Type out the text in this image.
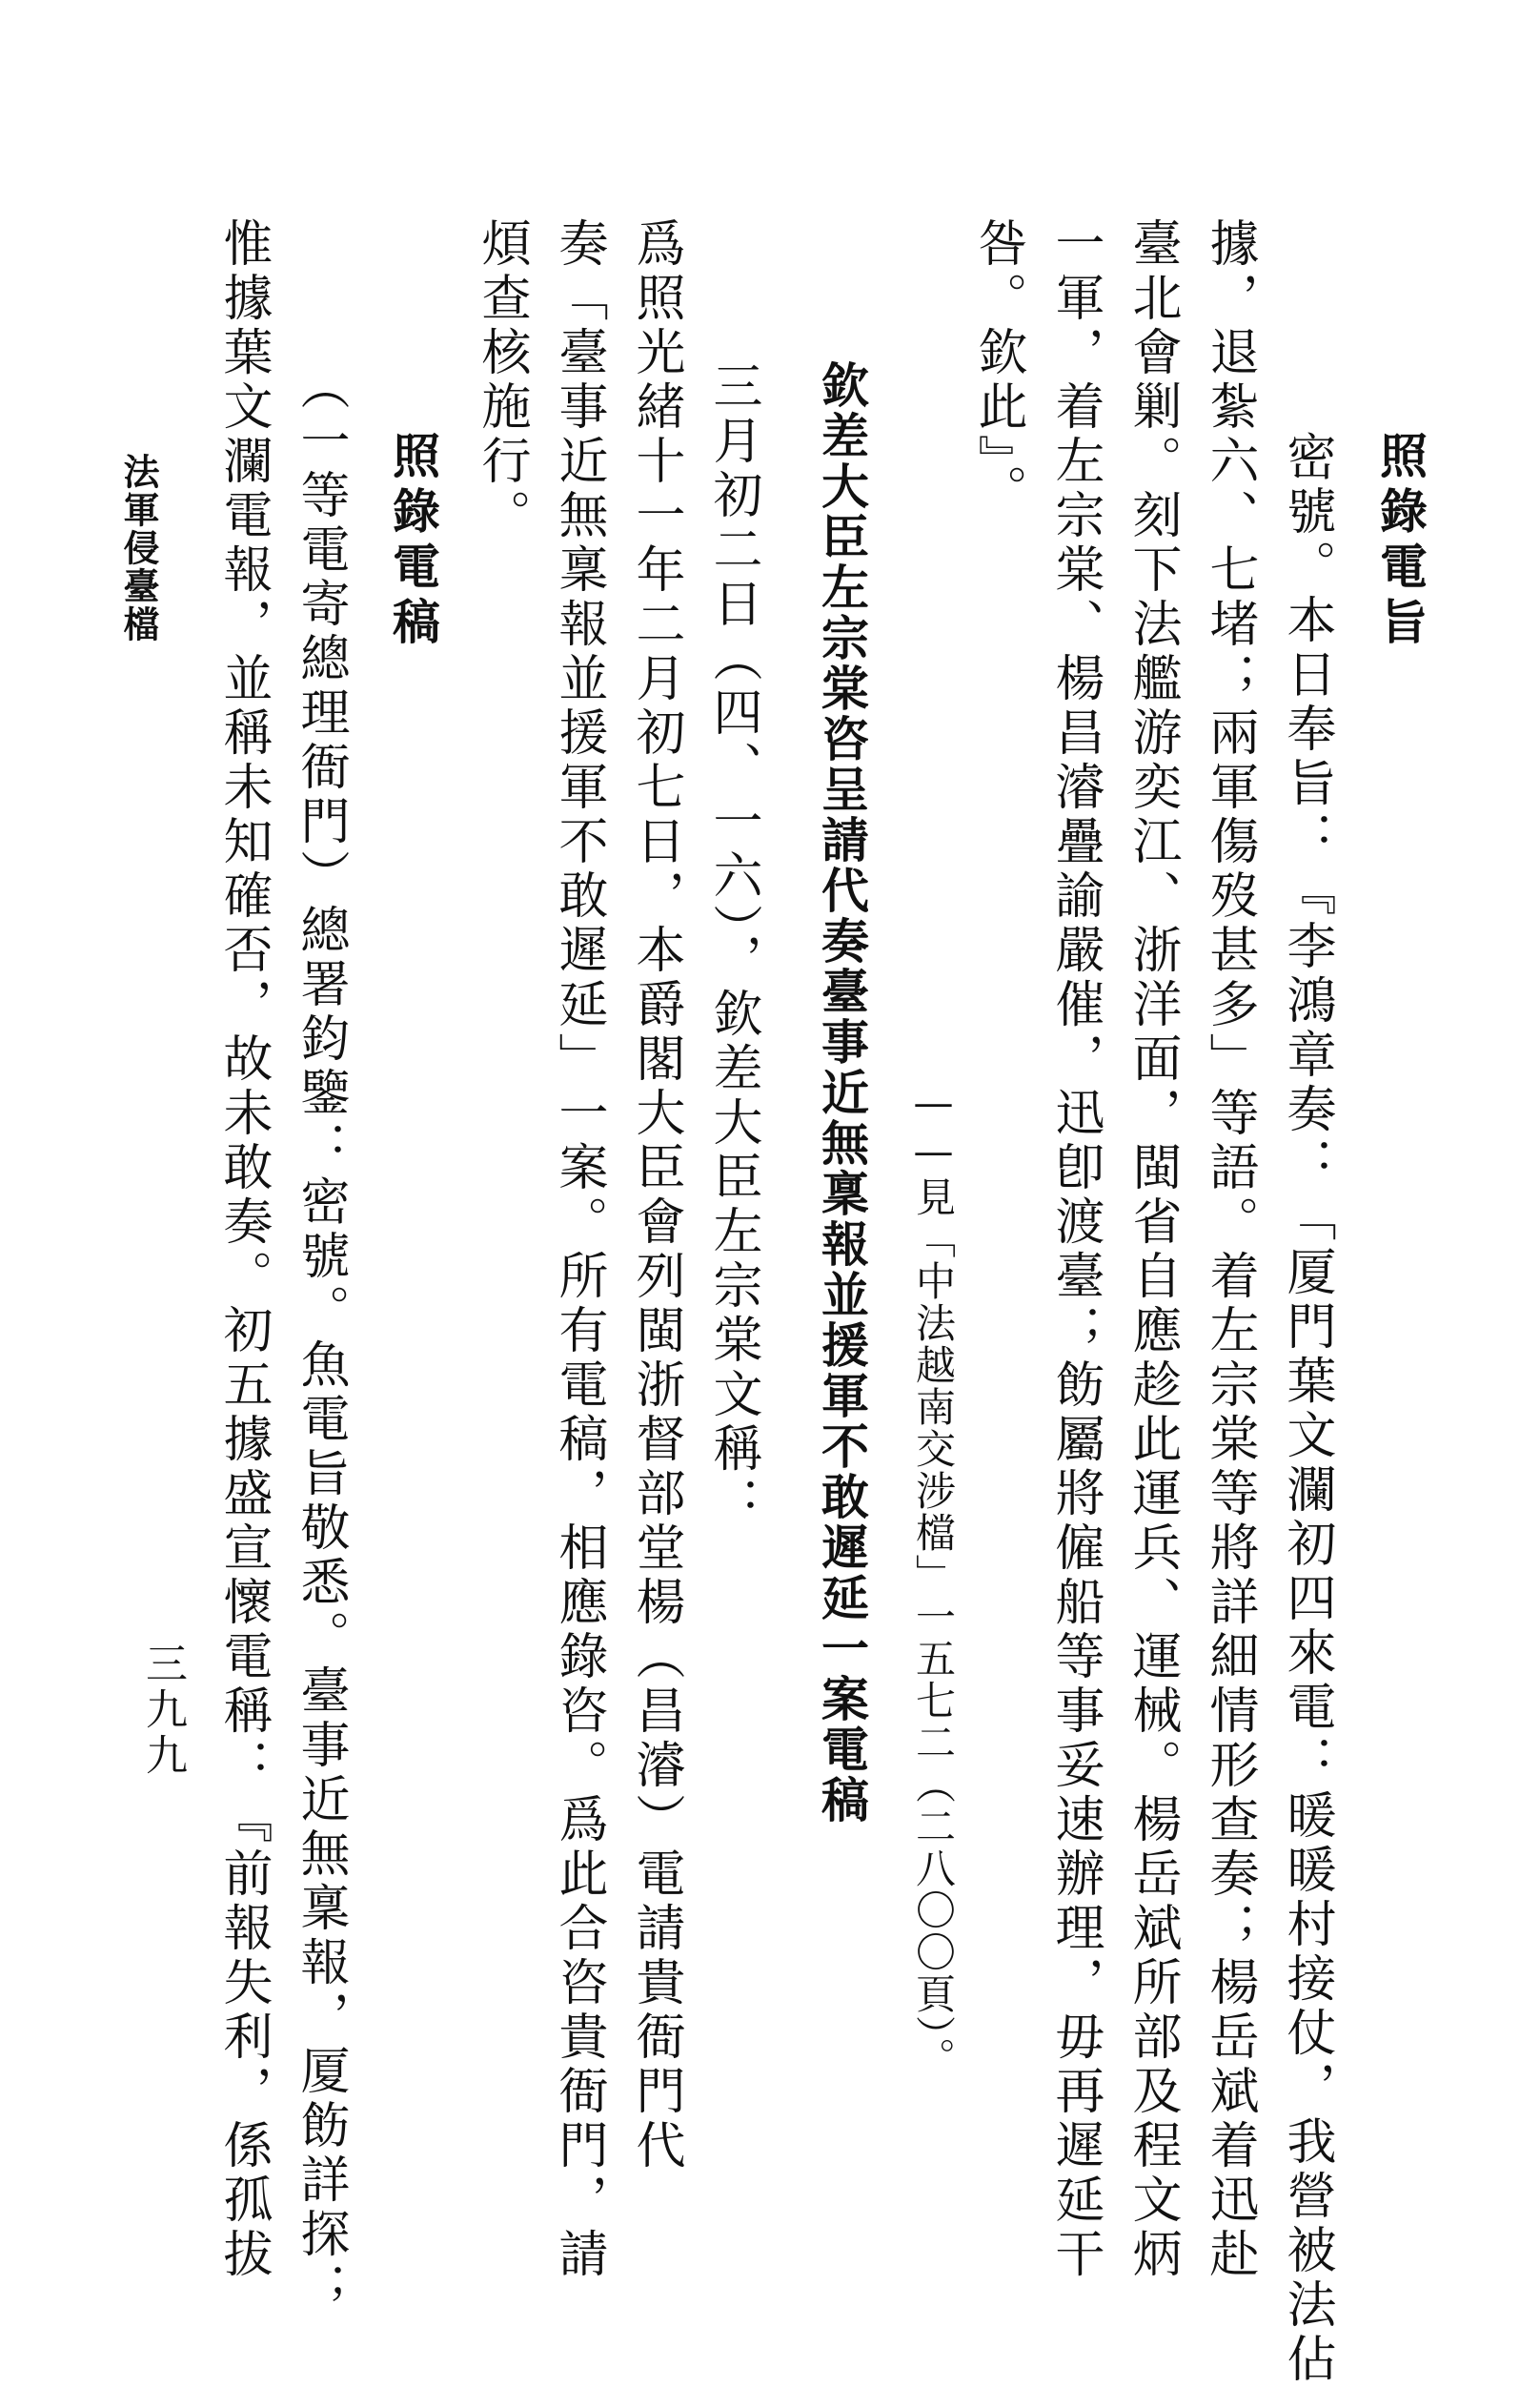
照錄電旨
密號。本日奉旨：『李鴻章奏：「厦門葉文瀾初四來電：暖暖村接仗，我營被法佔
據，退紮六、七堵；兩軍傷歿甚多」等語。着左宗棠等將詳細情形查奏；楊岳斌着迅赴
臺北會剿。刻下法艦游奕江、浙洋面，閩省自應趁此運兵、運械。楊岳斌所部及程文炳
一軍，着左宗棠、楊昌濬疊諭嚴催，迅卽渡臺；飭屬將僱船等事妥速辦理，毋再遲延干
咎。欽此』。
——見「中法越南交涉檔」一五七二（二八〇〇頁）。
欽差大臣左宗棠咨呈請代奏臺事近無稟報並援軍不敢遲延一案電稿
三月初二日（四、一六），欽差大臣左宗棠文稱：
爲照光緒十一年二月初七日，本爵閣大臣會列閩浙督部堂楊（昌濬）電請貴衙門代
奏「臺事近無稟報並援軍不敢遲延」一案。所有電稿，相應錄咨。爲此合咨貴衙門，請
煩查核施行。
照錄電稿
（一等電寄總理衙門）總署鈞鑒：密號。魚電旨敬悉。臺事近無稟報，厦飭詳探；
惟據葉文瀾電報，並稱未知確否，故未敢奏。初五據盛宣懷電稱：『前報失利，係孤拔
三九九
法軍侵臺檔
